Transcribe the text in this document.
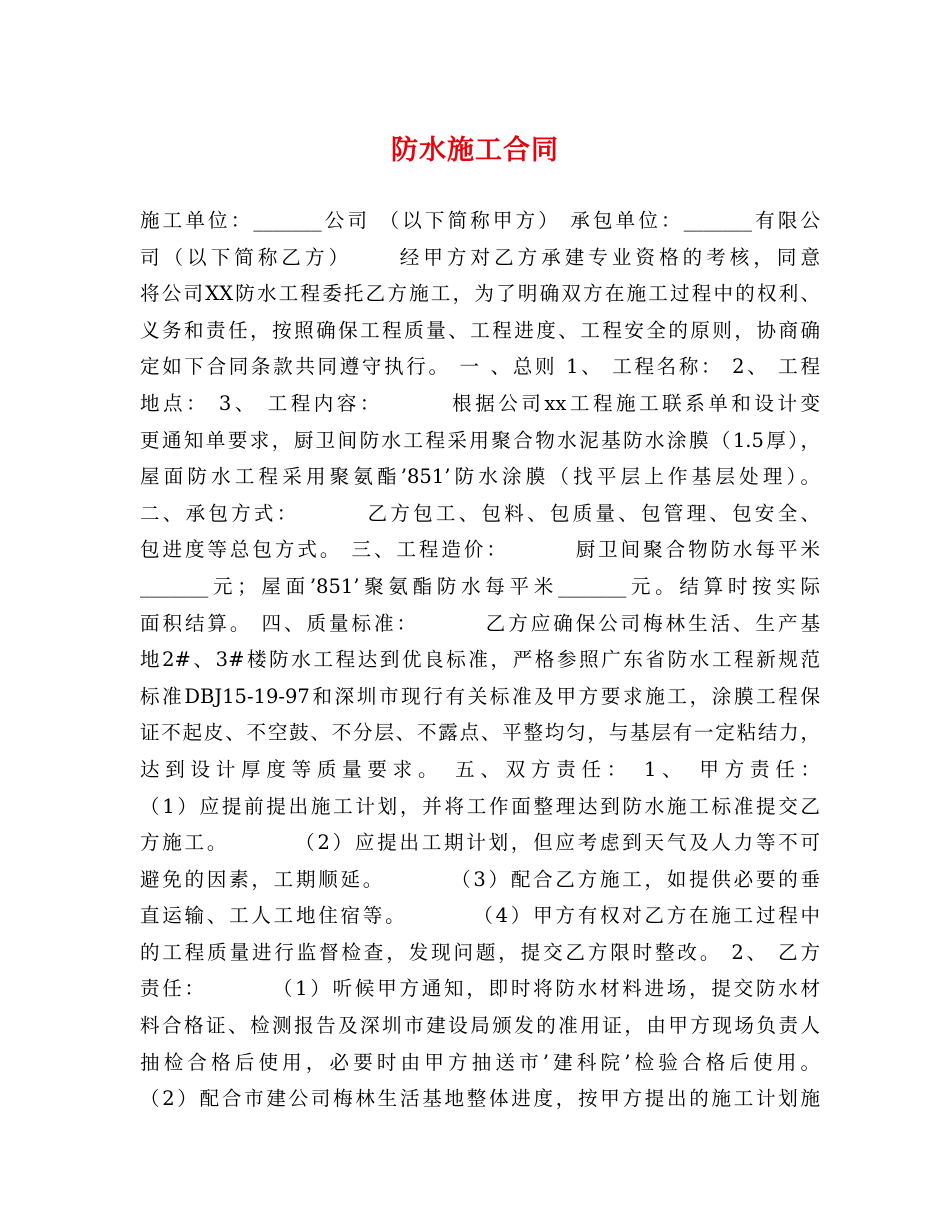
防水施工合同
施工单位：_______公司 （以下简称甲方） 承包单位：_______有限公
司（以下简称乙方）　　 经甲方对乙方承建专业资格的考核，同意
将公司XX防水工程委托乙方施工，为了明确双方在施工过程中的权利、
义务和责任，按照确保工程质量、工程进度、工程安全的原则，协商确
定如下合同条款共同遵守执行。 一 、总则 1、 工程名称： 2、 工程
地点： 3、 工程内容：　　　 根据公司xx工程施工联系单和设计变
更通知单要求，厨卫间防水工程采用聚合物水泥基防水涂膜（1.5厚），
屋面防水工程采用聚氨酯’851’防水涂膜（找平层上作基层处理）。
二、承包方式：　　　 乙方包工、包料、包质量、包管理、包安全、
包进度等总包方式。 三、工程造价：　　　 厨卫间聚合物防水每平米
_______元；屋面’851’聚氨酯防水每平米_______元。结算时按实际
面积结算。 四、质量标准：　　　 乙方应确保公司梅林生活、生产基
地2#、3#楼防水工程达到优良标准，严格参照广东省防水工程新规范
标准DBJ15-19-97和深圳市现行有关标准及甲方要求施工，涂膜工程保
证不起皮、不空鼓、不分层、不露点、平整均匀，与基层有一定粘结力，
达到设计厚度等质量要求。 五、双方责任： 1、 甲方责任：
（1）应提前提出施工计划，并将工作面整理达到防水施工标准提交乙
方施工。　　　 （2）应提出工期计划，但应考虑到天气及人力等不可
避免的因素，工期顺延。　　　 （3）配合乙方施工，如提供必要的垂
直运输、工人工地住宿等。　　　 （4）甲方有权对乙方在施工过程中
的工程质量进行监督检查，发现问题，提交乙方限时整改。 2、 乙方
责任：　　　 （1）听候甲方通知，即时将防水材料进场，提交防水材
料合格证、检测报告及深圳市建设局颁发的准用证，由甲方现场负责人
抽检合格后使用，必要时由甲方抽送市’建科院’检验合格后使用。
（2）配合市建公司梅林生活基地整体进度，按甲方提出的施工计划施
